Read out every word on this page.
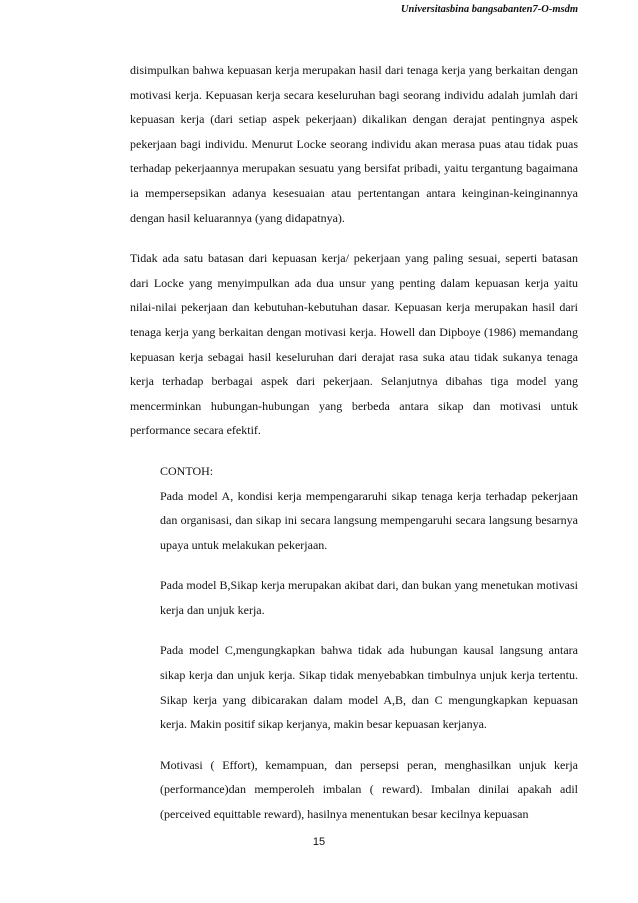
Universitasbina bangsabanten7-O-msdm

disimpulkan bahwa kepuasan kerja merupakan hasil dari tenaga kerja yang berkaitan dengan motivasi kerja. Kepuasan kerja secara keseluruhan bagi seorang individu adalah jumlah dari kepuasan kerja (dari setiap aspek pekerjaan) dikalikan dengan derajat pentingnya aspek pekerjaan bagi individu. Menurut Locke seorang individu akan merasa puas atau tidak puas terhadap pekerjaannya merupakan sesuatu yang bersifat pribadi, yaitu tergantung bagaimana ia mempersepsikan adanya kesesuaian atau pertentangan antara keinginan-keinginannya dengan hasil keluarannya (yang didapatnya).

Tidak ada satu batasan dari kepuasan kerja/ pekerjaan yang paling sesuai, seperti batasan dari Locke yang menyimpulkan ada dua unsur yang penting dalam kepuasan kerja yaitu nilai-nilai pekerjaan dan kebutuhan-kebutuhan dasar. Kepuasan kerja merupakan hasil dari tenaga kerja yang berkaitan dengan motivasi kerja. Howell dan Dipboye (1986) memandang kepuasan kerja sebagai hasil keseluruhan dari derajat rasa suka atau tidak sukanya tenaga kerja terhadap berbagai aspek dari pekerjaan. Selanjutnya dibahas tiga model yang mencerminkan hubungan-hubungan yang berbeda antara sikap dan motivasi untuk performance secara efektif.

CONTOH:

Pada model A, kondisi kerja mempengararuhi sikap tenaga kerja terhadap pekerjaan dan organisasi, dan sikap ini secara langsung mempengaruhi secara langsung besarnya upaya untuk melakukan pekerjaan.

Pada model B,Sikap kerja merupakan akibat dari, dan bukan yang menetukan motivasi kerja dan unjuk kerja.

Pada model C,mengungkapkan bahwa tidak ada hubungan kausal langsung antara sikap kerja dan unjuk kerja. Sikap tidak menyebabkan timbulnya unjuk kerja tertentu. Sikap kerja yang dibicarakan dalam model A,B, dan C mengungkapkan kepuasan kerja. Makin positif sikap kerjanya, makin besar kepuasan kerjanya.

Motivasi ( Effort), kemampuan, dan persepsi peran, menghasilkan unjuk kerja (performance)dan memperoleh imbalan ( reward). Imbalan dinilai apakah adil (perceived equittable reward), hasilnya menentukan besar kecilnya kepuasan

15
